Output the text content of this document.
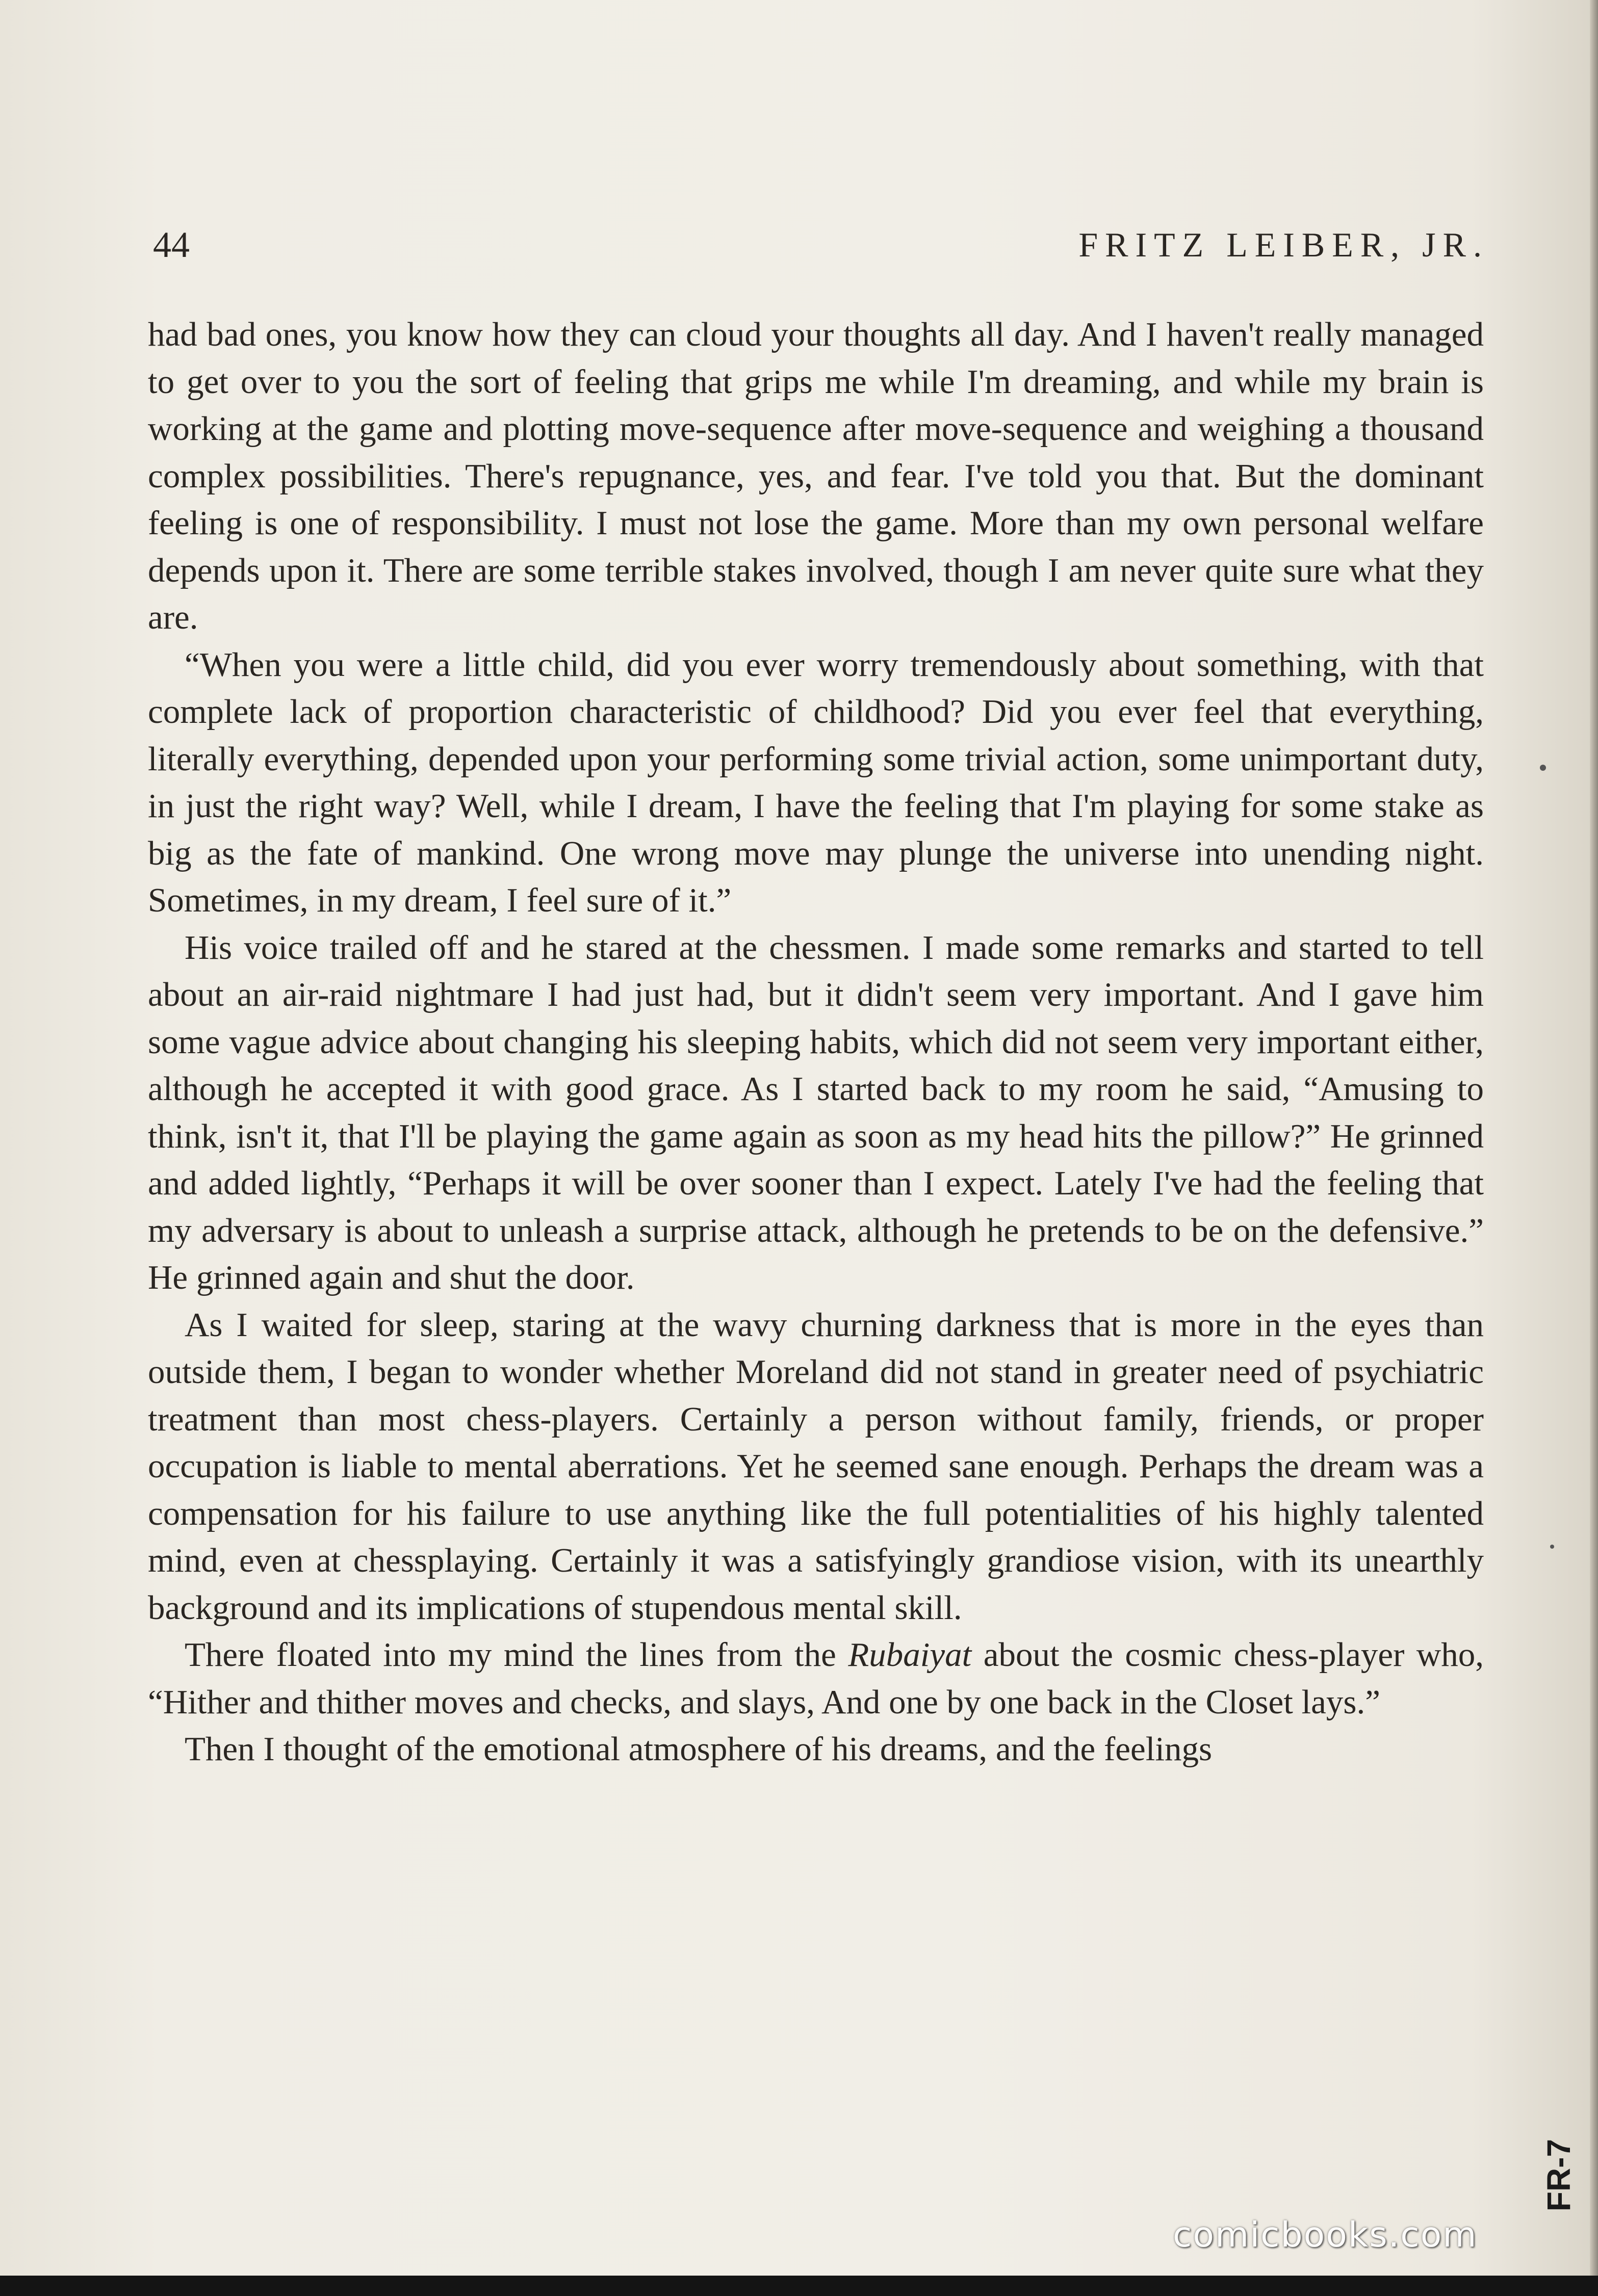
44	FRITZ LEIBER, JR.

had bad ones, you know how they can cloud your thoughts all day. And I haven't really managed to get over to you the sort of feeling that grips me while I'm dreaming, and while my brain is working at the game and plotting move-sequence after move-sequence and weighing a thousand complex possibilities. There's repugnance, yes, and fear. I've told you that. But the dominant feeling is one of responsibility. I must not lose the game. More than my own personal welfare depends upon it. There are some terrible stakes involved, though I am never quite sure what they are.

“When you were a little child, did you ever worry tremendously about something, with that complete lack of proportion characteristic of childhood? Did you ever feel that everything, literally everything, depended upon your performing some trivial action, some unimportant duty, in just the right way? Well, while I dream, I have the feeling that I'm playing for some stake as big as the fate of mankind. One wrong move may plunge the universe into unending night. Sometimes, in my dream, I feel sure of it.”

His voice trailed off and he stared at the chessmen. I made some remarks and started to tell about an air-raid nightmare I had just had, but it didn't seem very important. And I gave him some vague advice about changing his sleeping habits, which did not seem very important either, although he accepted it with good grace. As I started back to my room he said, “Amusing to think, isn't it, that I'll be playing the game again as soon as my head hits the pillow?” He grinned and added lightly, “Perhaps it will be over sooner than I expect. Lately I've had the feeling that my adversary is about to unleash a surprise attack, although he pretends to be on the defensive.” He grinned again and shut the door.

As I waited for sleep, staring at the wavy churning darkness that is more in the eyes than outside them, I began to wonder whether Moreland did not stand in greater need of psychiatric treatment than most chess-players. Certainly a person without family, friends, or proper occupation is liable to mental aberrations. Yet he seemed sane enough. Perhaps the dream was a compensation for his failure to use anything like the full potentialities of his highly talented mind, even at chessplaying. Certainly it was a satisfyingly grandiose vision, with its unearthly background and its implications of stupendous mental skill.

There floated into my mind the lines from the Rubaiyat about the cosmic chess-player who, “Hither and thither moves and checks, and slays, And one by one back in the Closet lays.”

Then I thought of the emotional atmosphere of his dreams, and the feelings

FR-7
comicbooks.com
